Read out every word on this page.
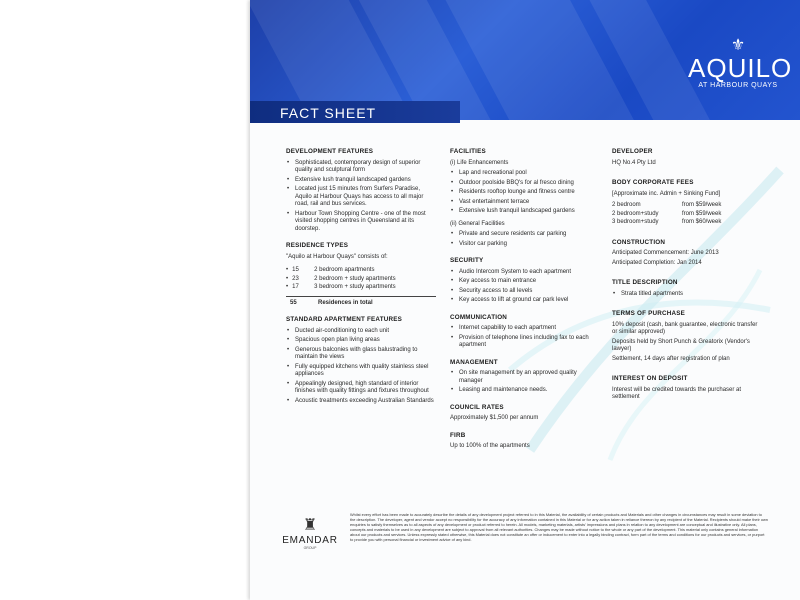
⚜
AQUILO
AT HARBOUR QUAYS
FACT SHEET
DEVELOPMENT FEATURES
• Sophisticated, contemporary design of superior quality and sculptural form
• Extensive lush tranquil landscaped gardens
• Located just 15 minutes from Surfers Paradise, Aquilo at Harbour Quays has access to all major road, rail and bus services.
• Harbour Town Shopping Centre - one of the most visited shopping centres in Queensland at its doorstep.
RESIDENCE TYPES
"Aquilo at Harbour Quays" consists of:
• 15	2 bedroom apartments
• 23	2 bedroom + study apartments
• 17	3 bedroom + study apartments
55	Residences in total
STANDARD APARTMENT FEATURES
• Ducted air-conditioning to each unit
• Spacious open plan living areas
• Generous balconies with glass balustrading to maintain the views
• Fully equipped kitchens with quality stainless steel appliances
• Appealingly designed, high standard of interior finishes with quality fittings and fixtures throughout
• Acoustic treatments exceeding Australian Standards
FACILITIES
(i) Life Enhancements
• Lap and recreational pool
• Outdoor poolside BBQ's for al fresco dining
• Residents rooftop lounge and fitness centre
• Vast entertainment terrace
• Extensive lush tranquil landscaped gardens
(ii) General Facilities
• Private and secure residents car parking
• Visitor car parking
SECURITY
• Audio Intercom System to each apartment
• Key access to main entrance
• Security access to all levels
• Key access to lift at ground car park level
COMMUNICATION
• Internet capability to each apartment
• Provision of telephone lines including fax to each apartment
MANAGEMENT
• On site management by an approved quality manager
• Leasing and maintenance needs.
COUNCIL RATES
Approximately $1,500 per annum
FIRB
Up to 100% of the apartments
DEVELOPER
HQ No.4 Pty Ltd
BODY CORPORATE FEES
[Approximate inc. Admin + Sinking Fund]
2 bedroom	from $59/week
2 bedroom+study	from $59/week
3 bedroom+study	from $60/week
CONSTRUCTION
Anticipated Commencement: June 2013
Anticipated Completion: Jan 2014
TITLE DESCRIPTION
• Strata titled apartments
TERMS OF PURCHASE
10% deposit (cash, bank guarantee, electronic transfer or similar approved)
Deposits held by Short Punch & Greatorix (Vendor's lawyer)
Settlement, 14 days after registration of plan
INTEREST ON DEPOSIT
Interest will be credited towards the purchaser at settlement
♜
EMANDAR
GROUP
Whilst every effort has been made to accurately describe the details of any development project referred to in this Material, the availability of certain products and Materials and other changes in circumstances may result in some deviation to the description. The developer, agent and vendor accept no responsibility for the accuracy of any information contained in this Material or for any action taken in reliance thereon by any recipient of the Material. Recipients should make their own enquiries to satisfy themselves as to all aspects of any development or product referred to herein. All models, marketing materials, artists' impressions and plans in relation to any development are conceptual and illustrative only. All plans, concepts and materials to be used in any development are subject to approval from all relevant authorities. Changes may be made without notice to the whole or any part of the development. This material only contains general information about our products and services. Unless expressly stated otherwise, this Material does not constitute an offer or inducement to enter into a legally binding contract, form part of the terms and conditions for our products and services, or purport to provide you with personal financial or investment advice of any kind.
